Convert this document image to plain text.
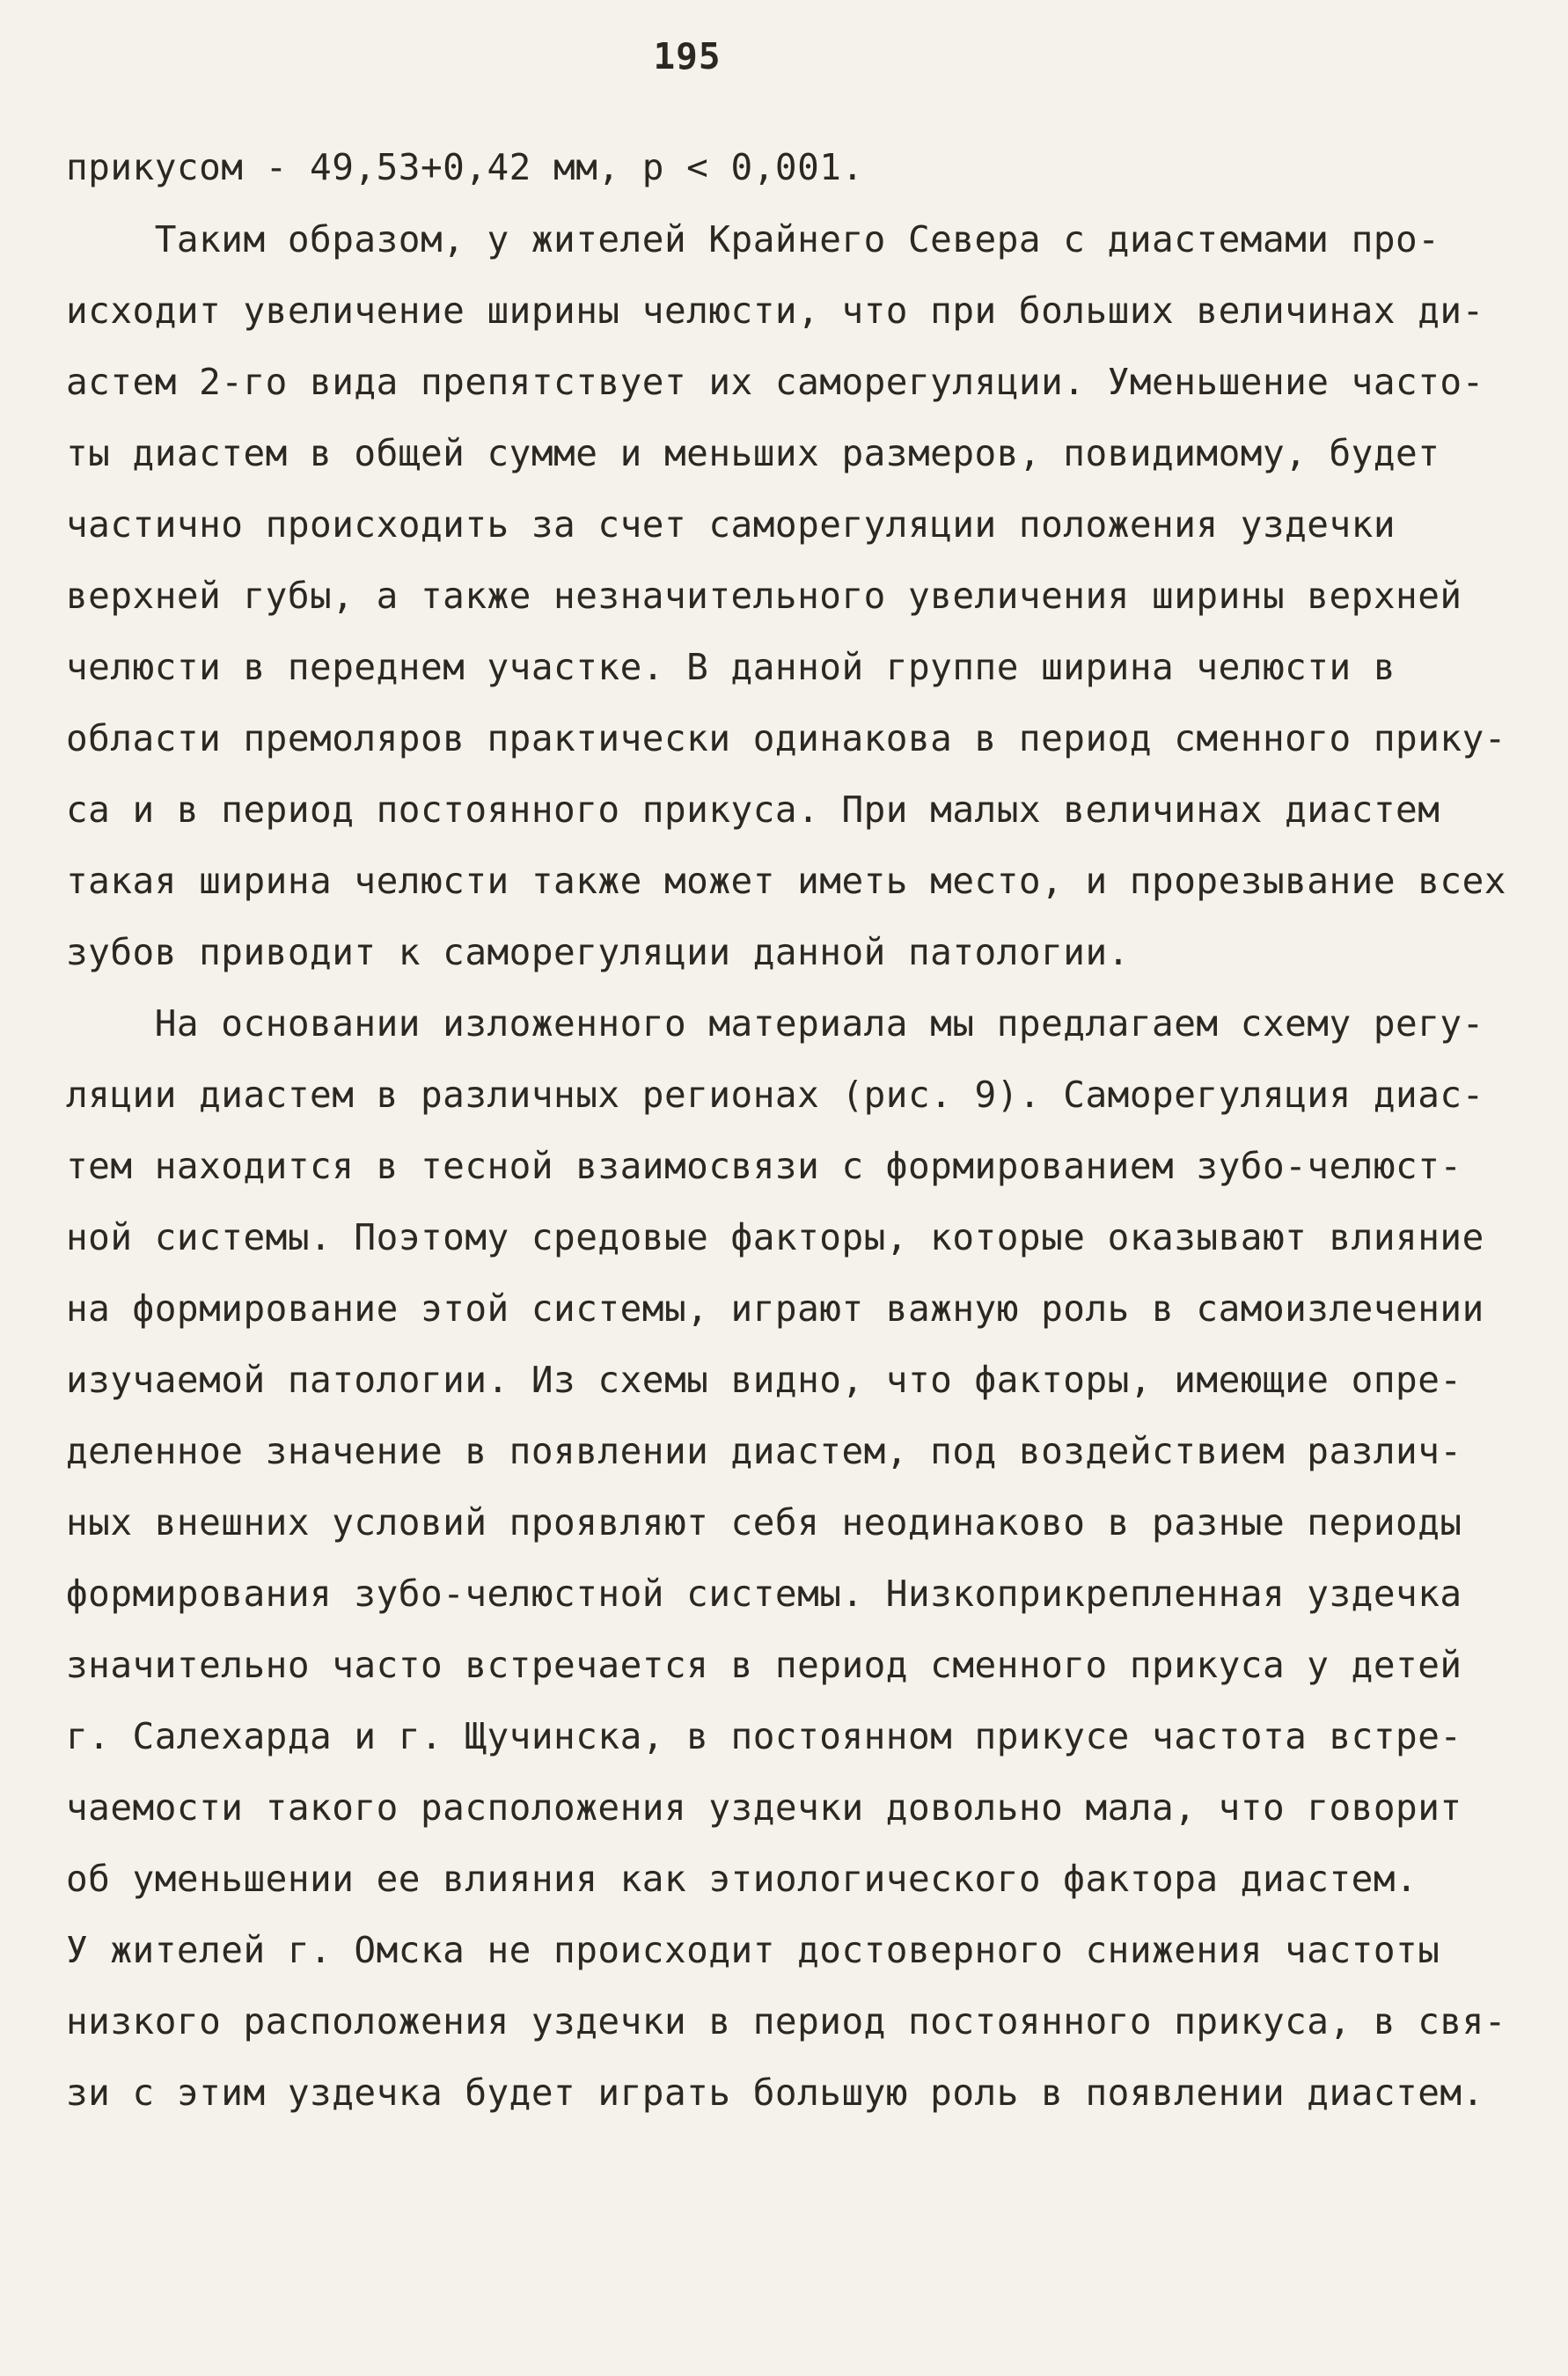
195
прикусом - 49,53+0,42 мм, р < 0,001.
Таким образом, у жителей Крайнего Севера с диастемами про-
исходит увеличение ширины челюсти, что при больших величинах ди-
астем 2-го вида препятствует их саморегуляции. Уменьшение часто-
ты диастем в общей сумме и меньших размеров, повидимому, будет
частично происходить за счет саморегуляции положения уздечки
верхней губы, а также незначительного увеличения ширины верхней
челюсти в переднем участке. В данной группе ширина челюсти в
области премоляров практически одинакова в период сменного прику-
са и в период постоянного прикуса. При малых величинах диастем
такая ширина челюсти также может иметь место, и прорезывание всех
зубов приводит к саморегуляции данной патологии.
На основании изложенного материала мы предлагаем схему регу-
ляции диастем в различных регионах (рис. 9). Саморегуляция диас-
тем находится в тесной взаимосвязи с формированием зубо-челюст-
ной системы. Поэтому средовые факторы, которые оказывают влияние
на формирование этой системы, играют важную роль в самоизлечении
изучаемой патологии. Из схемы видно, что факторы, имеющие опре-
деленное значение в появлении диастем, под воздействием различ-
ных внешних условий проявляют себя неодинаково в разные периоды
формирования зубо-челюстной системы. Низкоприкрепленная уздечка
значительно часто встречается в период сменного прикуса у детей
г. Салехарда и г. Щучинска, в постоянном прикусе частота встре-
чаемости такого расположения уздечки довольно мала, что говорит
об уменьшении ее влияния как этиологического фактора диастем.
У жителей г. Омска не происходит достоверного снижения частоты
низкого расположения уздечки в период постоянного прикуса, в свя-
зи с этим уздечка будет играть большую роль в появлении диастем.
